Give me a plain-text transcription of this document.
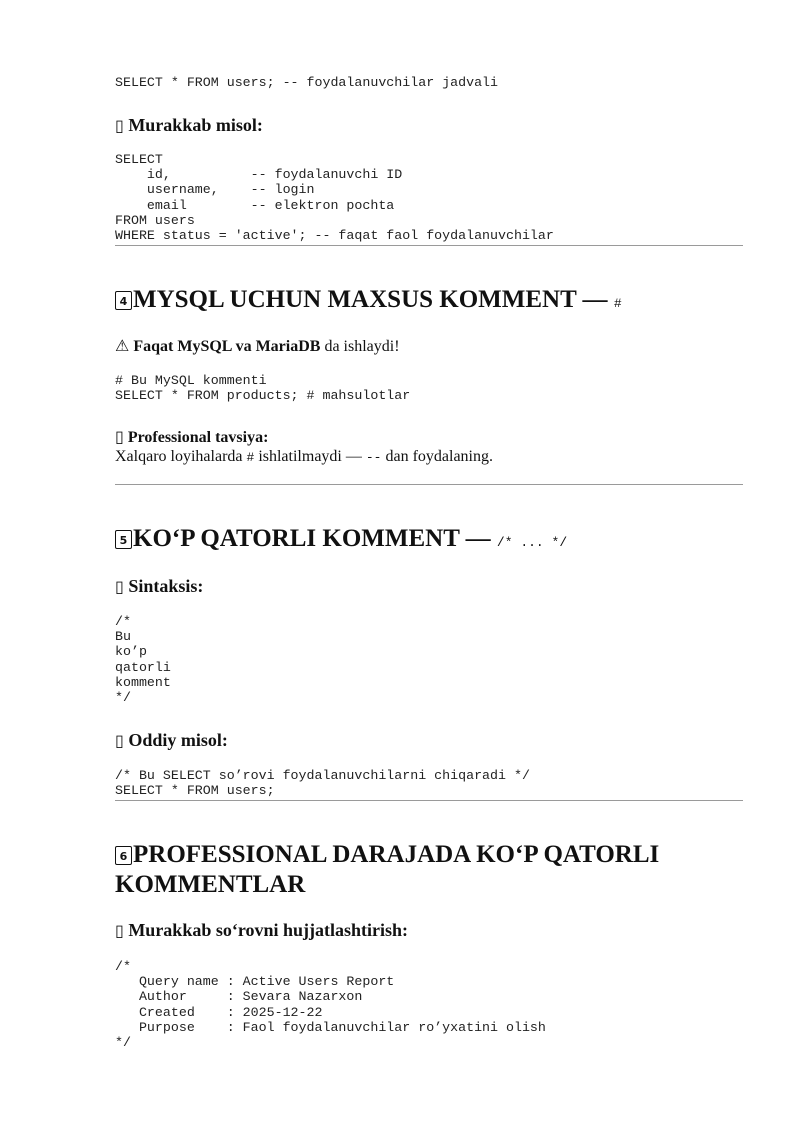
SELECT * FROM users; -- foydalanuvchilar jadvali
▯ Murakkab misol:
SELECT
id,          -- foydalanuvchi ID
username,    -- login
email        -- elektron pochta
FROM users
WHERE status = 'active'; -- faqat faol foydalanuvchilar
4 MYSQL UCHUN MAXSUS KOMMENT — #

⚠ Faqat MySQL va MariaDB da ishlaydi!

# Bu MySQL kommenti
SELECT * FROM products; # mahsulotlar

▯ Professional tavsiya:

Xalqaro loyihalarda # ishlatilmaydi — -- dan foydalaning.

5 KO‘P QATORLI KOMMENT — /* ... */
▯ Sintaksis:
/*
Bu
ko’p
qatorli
komment
*/
▯ Oddiy misol:
/* Bu SELECT so’rovi foydalanuvchilarni chiqaradi */
SELECT * FROM users;
6 PROFESSIONAL DARAJADA KO‘P QATORLI
KOMMENTLAR
▯ Murakkab so‘rovni hujjatlashtirish:
/*
Query name : Active Users Report
Author     : Sevara Nazarxon
Created    : 2025-12-22
Purpose    : Faol foydalanuvchilar ro’yxatini olish
*/
